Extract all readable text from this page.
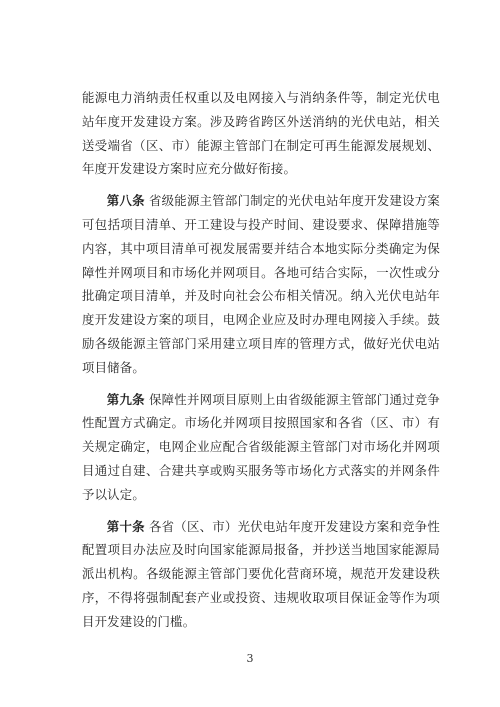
能源电力消纳责任权重以及电网接入与消纳条件等，制定光伏电站年度开发建设方案。涉及跨省跨区外送消纳的光伏电站，相关送受端省（区、市）能源主管部门在制定可再生能源发展规划、年度开发建设方案时应充分做好衔接。

第八条 省级能源主管部门制定的光伏电站年度开发建设方案可包括项目清单、开工建设与投产时间、建设要求、保障措施等内容，其中项目清单可视发展需要并结合本地实际分类确定为保障性并网项目和市场化并网项目。各地可结合实际，一次性或分批确定项目清单，并及时向社会公布相关情况。纳入光伏电站年度开发建设方案的项目，电网企业应及时办理电网接入手续。鼓励各级能源主管部门采用建立项目库的管理方式，做好光伏电站项目储备。

第九条 保障性并网项目原则上由省级能源主管部门通过竞争性配置方式确定。市场化并网项目按照国家和各省（区、市）有关规定确定，电网企业应配合省级能源主管部门对市场化并网项目通过自建、合建共享或购买服务等市场化方式落实的并网条件予以认定。

第十条 各省（区、市）光伏电站年度开发建设方案和竞争性配置项目办法应及时向国家能源局报备，并抄送当地国家能源局派出机构。各级能源主管部门要优化营商环境，规范开发建设秩序，不得将强制配套产业或投资、违规收取项目保证金等作为项目开发建设的门槛。

3
